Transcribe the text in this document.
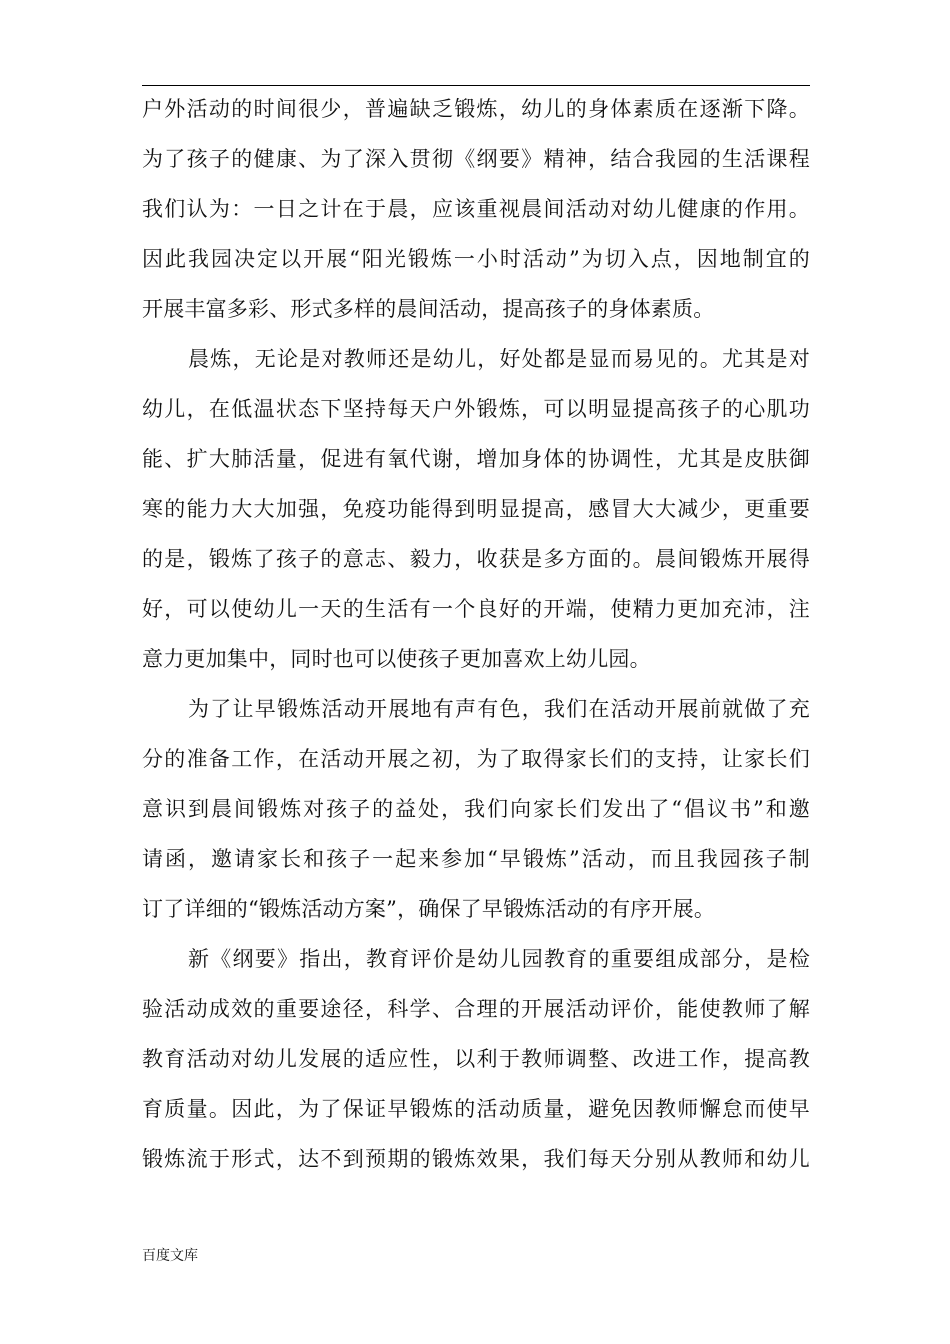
户外活动的时间很少，普遍缺乏锻炼，幼儿的身体素质在逐渐下降。
为了孩子的健康、为了深入贯彻《纲要》精神，结合我园的生活课程
我们认为：一日之计在于晨，应该重视晨间活动对幼儿健康的作用。
因此我园决定以开展“阳光锻炼一小时活动”为切入点，因地制宜的
开展丰富多彩、形式多样的晨间活动，提高孩子的身体素质。
晨炼，无论是对教师还是幼儿，好处都是显而易见的。尤其是对
幼儿，在低温状态下坚持每天户外锻炼，可以明显提高孩子的心肌功
能、扩大肺活量，促进有氧代谢，增加身体的协调性，尤其是皮肤御
寒的能力大大加强，免疫功能得到明显提高，感冒大大减少，更重要
的是，锻炼了孩子的意志、毅力，收获是多方面的。晨间锻炼开展得
好，可以使幼儿一天的生活有一个良好的开端，使精力更加充沛，注
意力更加集中，同时也可以使孩子更加喜欢上幼儿园。
为了让早锻炼活动开展地有声有色，我们在活动开展前就做了充
分的准备工作，在活动开展之初，为了取得家长们的支持，让家长们
意识到晨间锻炼对孩子的益处，我们向家长们发出了“倡议书”和邀
请函，邀请家长和孩子一起来参加“早锻炼”活动，而且我园孩子制
订了详细的“锻炼活动方案”，确保了早锻炼活动的有序开展。
新《纲要》指出，教育评价是幼儿园教育的重要组成部分，是检
验活动成效的重要途径，科学、合理的开展活动评价，能使教师了解
教育活动对幼儿发展的适应性，以利于教师调整、改进工作，提高教
育质量。因此，为了保证早锻炼的活动质量，避免因教师懈怠而使早
锻炼流于形式，达不到预期的锻炼效果，我们每天分别从教师和幼儿
百度文库
